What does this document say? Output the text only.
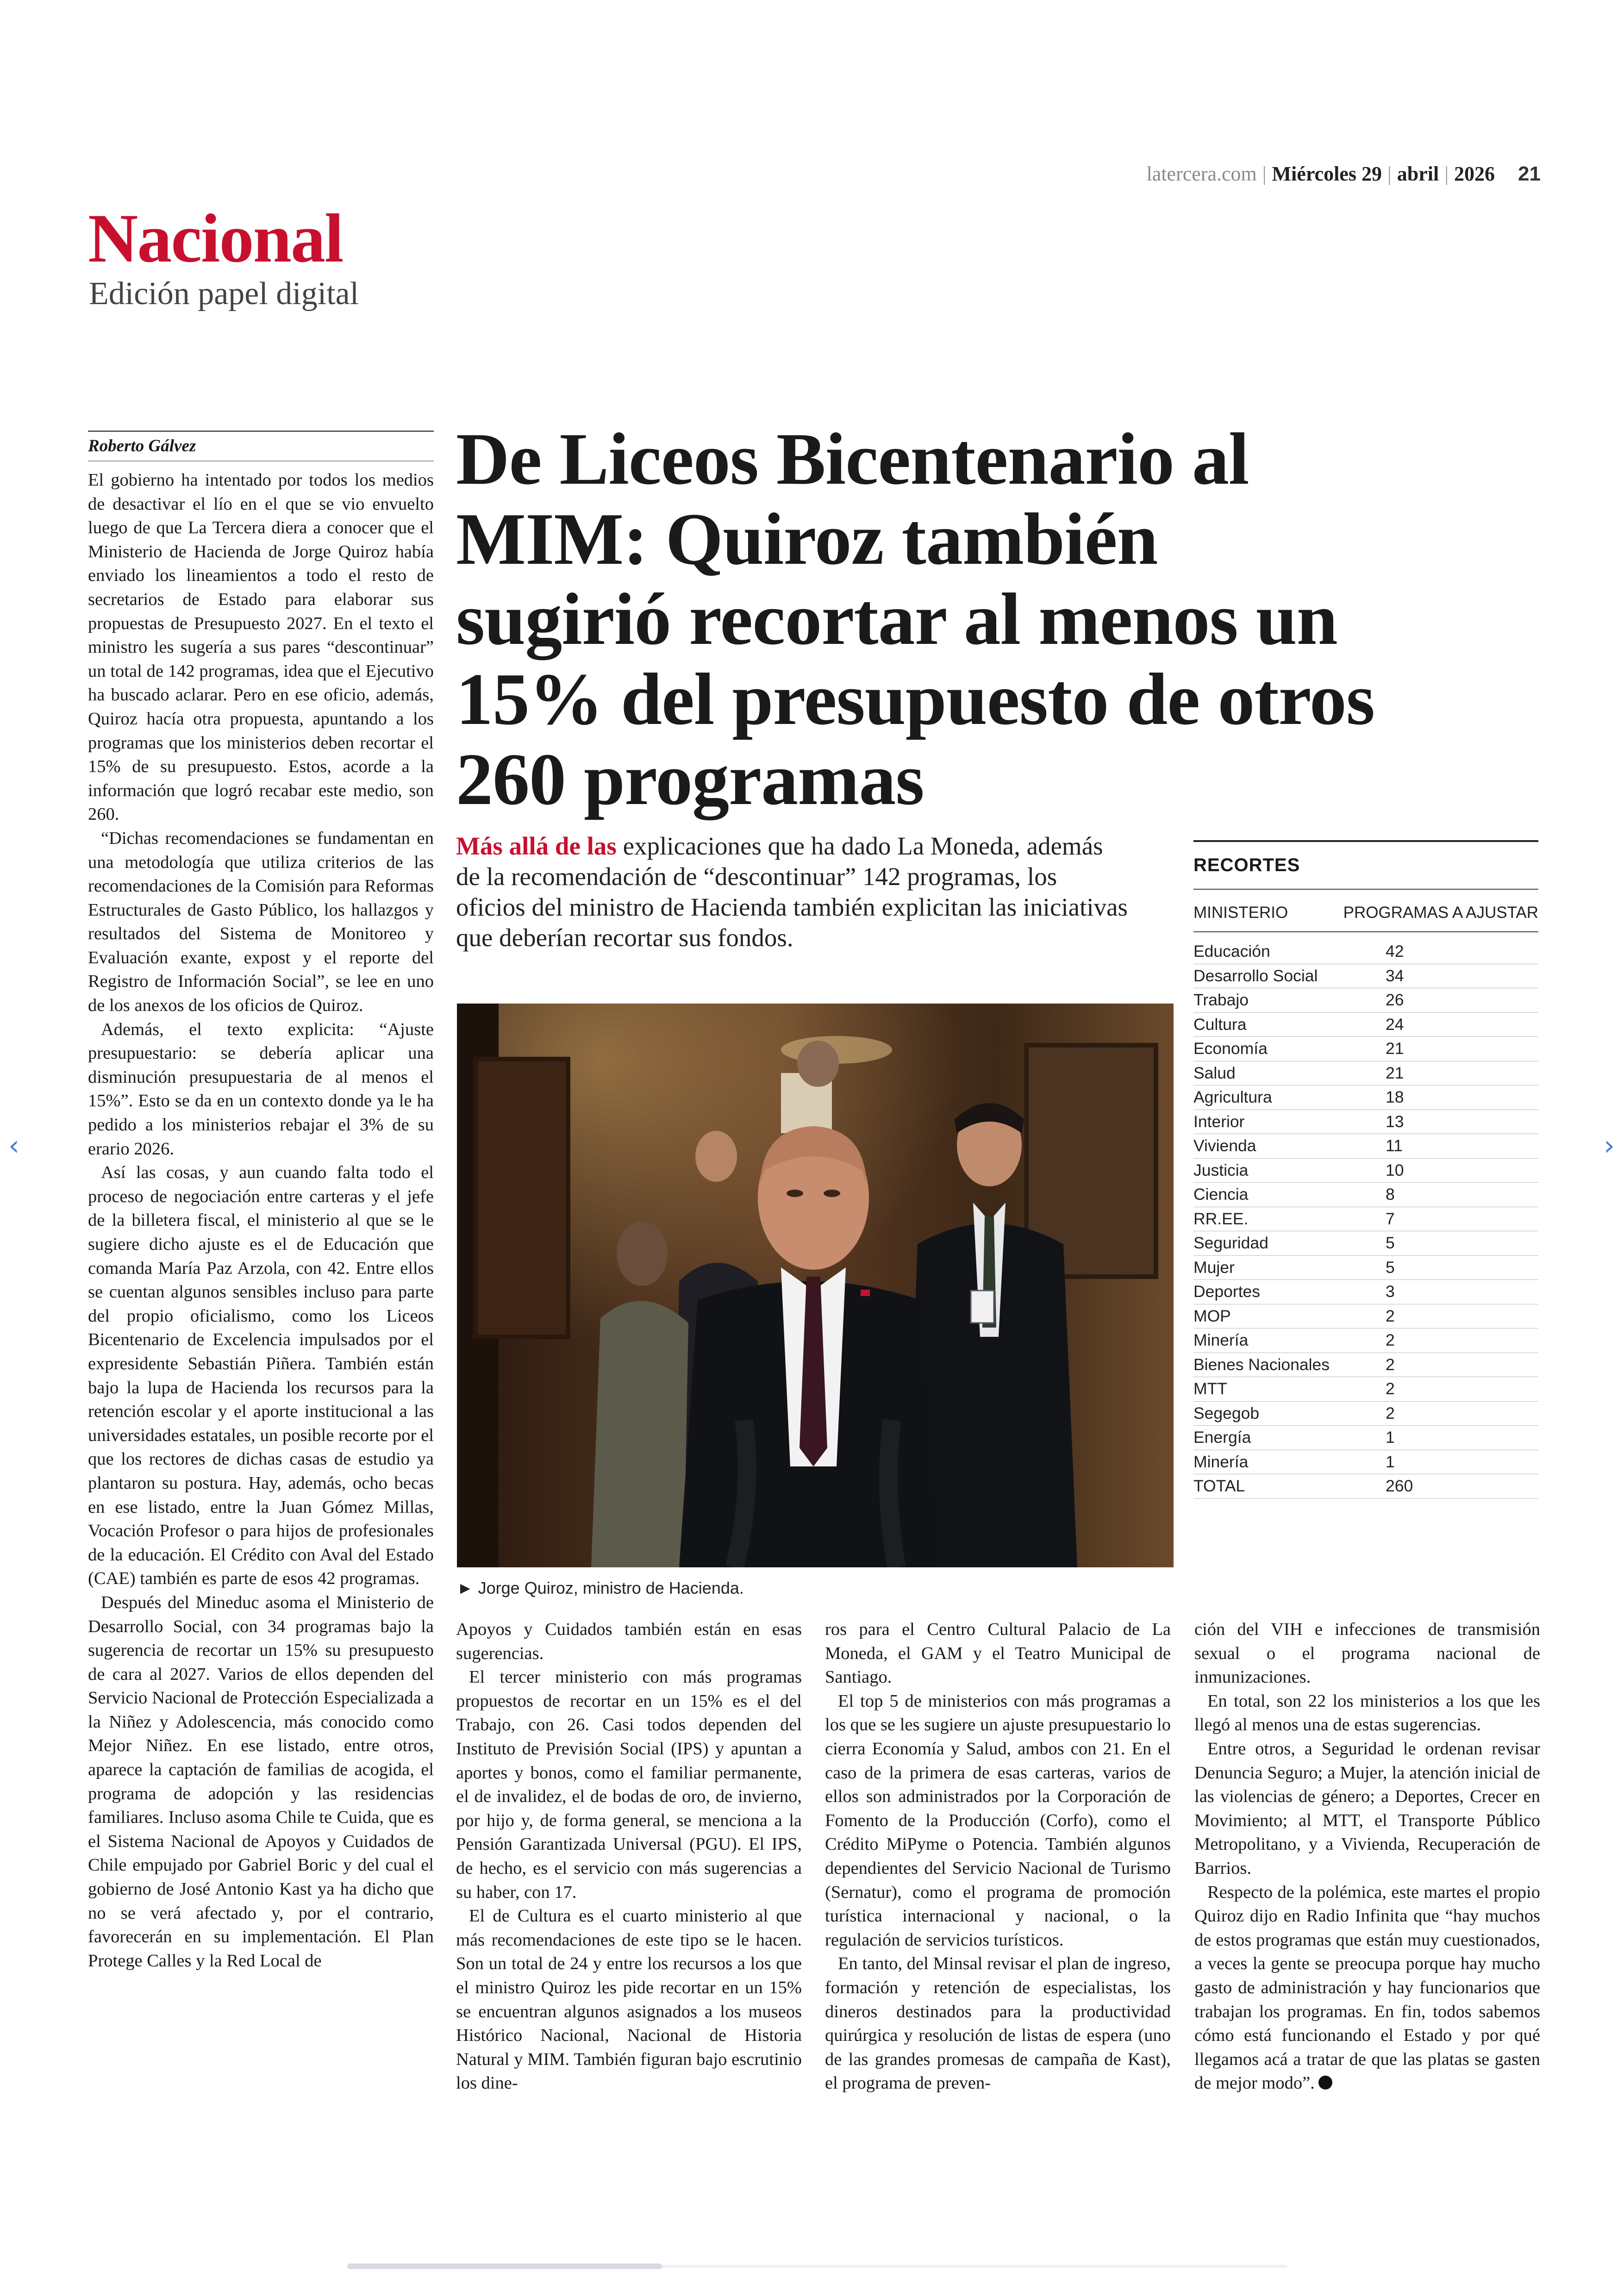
latercera.com | Miércoles 29 | abril | 2026 21
Nacional
Edición papel digital
Roberto Gálvez	De Liceos Bicentenario al MIM: Quiroz también sugirió recortar al menos un 15% del presupuesto de otros 260 programas
Más allá de las explicaciones que ha dado La Moneda, además de la recomendación de “descontinuar” 142 programas, los oficios del ministro de Hacienda también explicitan las iniciativas que deberían recortar sus fondos.

El gobierno ha intentado por todos los medios de desactivar el lío en el que se vio envuelto luego de que La Tercera diera a conocer que el Ministerio de Hacienda de Jorge Quiroz había enviado los lineamientos a todo el resto de secretarios de Estado para elaborar sus propuestas de Presupuesto 2027. En el texto el ministro les sugería a sus pares “descontinuar” un total de 142 programas, idea que el Ejecutivo ha buscado aclarar. Pero en ese oficio, además, Quiroz hacía otra propuesta, apuntando a los programas que los ministerios deben recortar el 15% de su presupuesto. Estos, acorde a la información que logró recabar este medio, son 260.

“Dichas recomendaciones se fundamentan en una metodología que utiliza criterios de las recomendaciones de la Comisión para Reformas Estructurales de Gasto Público, los hallazgos y resultados del Sistema de Monitoreo y Evaluación exante, expost y el reporte del Registro de Información Social”, se lee en uno de los anexos de los oficios de Quiroz.

Además, el texto explicita: “Ajuste presupuestario: se debería aplicar una disminución presupuestaria de al menos el 15%”. Esto se da en un contexto donde ya le ha pedido a los ministerios rebajar el 3% de su erario 2026.

Así las cosas, y aun cuando falta todo el proceso de negociación entre carteras y el jefe de la billetera fiscal, el ministerio al que se le sugiere dicho ajuste es el de Educación que comanda María Paz Arzola, con 42. Entre ellos se cuentan algunos sensibles incluso para parte del propio oficialismo, como los Liceos Bicentenario de Excelencia impulsados por el expresidente Sebastián Piñera. También están bajo la lupa de Hacienda los recursos para la retención escolar y el aporte institucional a las universidades estatales, un posible recorte por el que los rectores de dichas casas de estudio ya plantaron su postura. Hay, además, ocho becas en ese listado, entre la Juan Gómez Millas, Vocación Profesor o para hijos de profesionales de la educación. El Crédito con Aval del Estado (CAE) también es parte de esos 42 programas.

Después del Mineduc asoma el Ministerio de Desarrollo Social, con 34 programas bajo la sugerencia de recortar un 15% su presupuesto de cara al 2027. Varios de ellos dependen del Servicio Nacional de Protección Especializada a la Niñez y Adolescencia, más conocido como Mejor Niñez. En ese listado, entre otros, aparece la captación de familias de acogida, el programa de adopción y las residencias familiares. Incluso asoma Chile te Cuida, que es el Sistema Nacional de Apoyos y Cuidados de Chile empujado por Gabriel Boric y del cual el gobierno de José Antonio Kast ya ha dicho que no se verá afectado y, por el contrario, favorecerán en su implementación. El Plan Protege Calles y la Red Local de

► Jorge Quiroz, ministro de Hacienda.
RECORTES
MINISTERIO	PROGRAMAS A AJUSTAR
Educación	42
Desarrollo Social	34
Trabajo	26
Cultura	24
Economía	21
Salud	21
Agricultura	18
Interior	13
Vivienda	11
Justicia	10
Ciencia	8
RR.EE.	7
Seguridad	5
Mujer	5
Deportes	3
MOP	2
Minería	2
Bienes Nacionales	2
MTT	2
Segegob	2
Energía	1
Minería	1
TOTAL	260

Apoyos y Cuidados también están en esas sugerencias.

El tercer ministerio con más programas propuestos de recortar en un 15% es el del Trabajo, con 26. Casi todos dependen del Instituto de Previsión Social (IPS) y apuntan a aportes y bonos, como el familiar permanente, el de invalidez, el de bodas de oro, de invierno, por hijo y, de forma general, se menciona a la Pensión Garantizada Universal (PGU). El IPS, de hecho, es el servicio con más sugerencias a su haber, con 17.

El de Cultura es el cuarto ministerio al que más recomendaciones de este tipo se le hacen. Son un total de 24 y entre los recursos a los que el ministro Quiroz les pide recortar en un 15% se encuentran algunos asignados a los museos Histórico Nacional, Nacional de Historia Natural y MIM. También figuran bajo escrutinio los dine-

ros para el Centro Cultural Palacio de La Moneda, el GAM y el Teatro Municipal de Santiago.

El top 5 de ministerios con más programas a los que se les sugiere un ajuste presupuestario lo cierra Economía y Salud, ambos con 21. En el caso de la primera de esas carteras, varios de ellos son administrados por la Corporación de Fomento de la Producción (Corfo), como el Crédito MiPyme o Potencia. También algunos dependientes del Servicio Nacional de Turismo (Sernatur), como el programa de promoción turística internacional y nacional, o la regulación de servicios turísticos.

En tanto, del Minsal revisar el plan de ingreso, formación y retención de especialistas, los dineros destinados para la productividad quirúrgica y resolución de listas de espera (uno de las grandes promesas de campaña de Kast), el programa de preven-

ción del VIH e infecciones de transmisión sexual o el programa nacional de inmunizaciones.

En total, son 22 los ministerios a los que les llegó al menos una de estas sugerencias.

Entre otros, a Seguridad le ordenan revisar Denuncia Seguro; a Mujer, la atención inicial de las violencias de género; a Deportes, Crecer en Movimiento; al MTT, el Transporte Público Metropolitano, y a Vivienda, Recuperación de Barrios.

Respecto de la polémica, este martes el propio Quiroz dijo en Radio Infinita que “hay muchos de estos programas que están muy cuestionados, a veces la gente se preocupa porque hay mucho gasto de administración y hay funcionarios que trabajan los programas. En fin, todos sabemos cómo está funcionando el Estado y por qué llegamos acá a tratar de que las platas se gasten de mejor modo”.

‹	›
